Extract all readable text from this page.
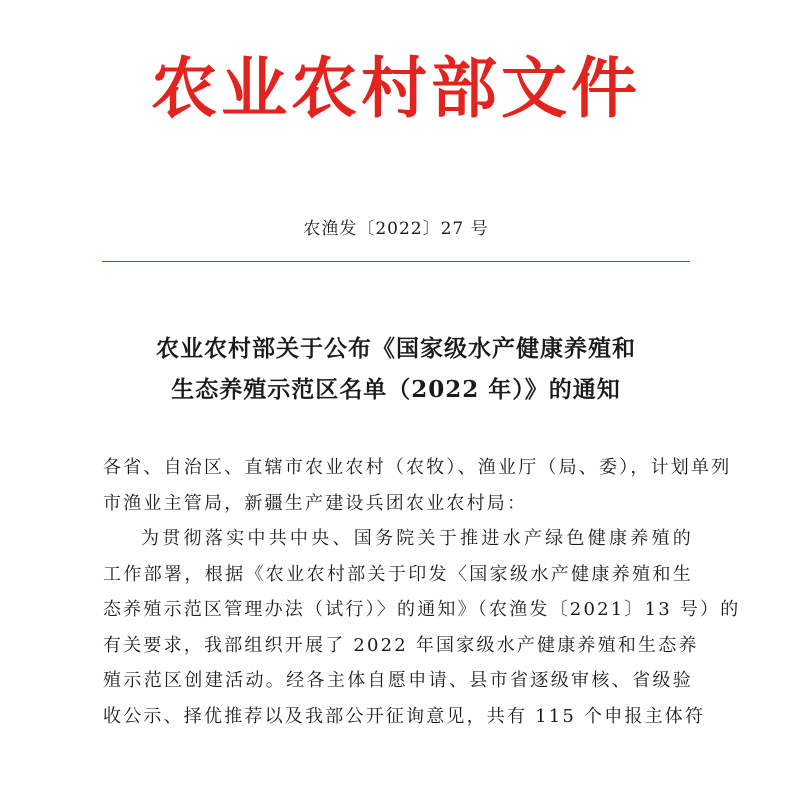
农业农村部文件
农渔发〔2022〕27 号
农业农村部关于公布《国家级水产健康养殖和
生态养殖示范区名单（2022 年）》的通知
各省、自治区、直辖市农业农村（农牧）、渔业厅（局、委），计划单列
市渔业主管局，新疆生产建设兵团农业农村局：
为贯彻落实中共中央、国务院关于推进水产绿色健康养殖的
工作部署，根据《农业农村部关于印发〈国家级水产健康养殖和生
态养殖示范区管理办法（试行）〉的通知》（农渔发〔2021〕13 号）的
有关要求，我部组织开展了 2022 年国家级水产健康养殖和生态养
殖示范区创建活动。经各主体自愿申请、县市省逐级审核、省级验
收公示、择优推荐以及我部公开征询意见，共有 115 个申报主体符
